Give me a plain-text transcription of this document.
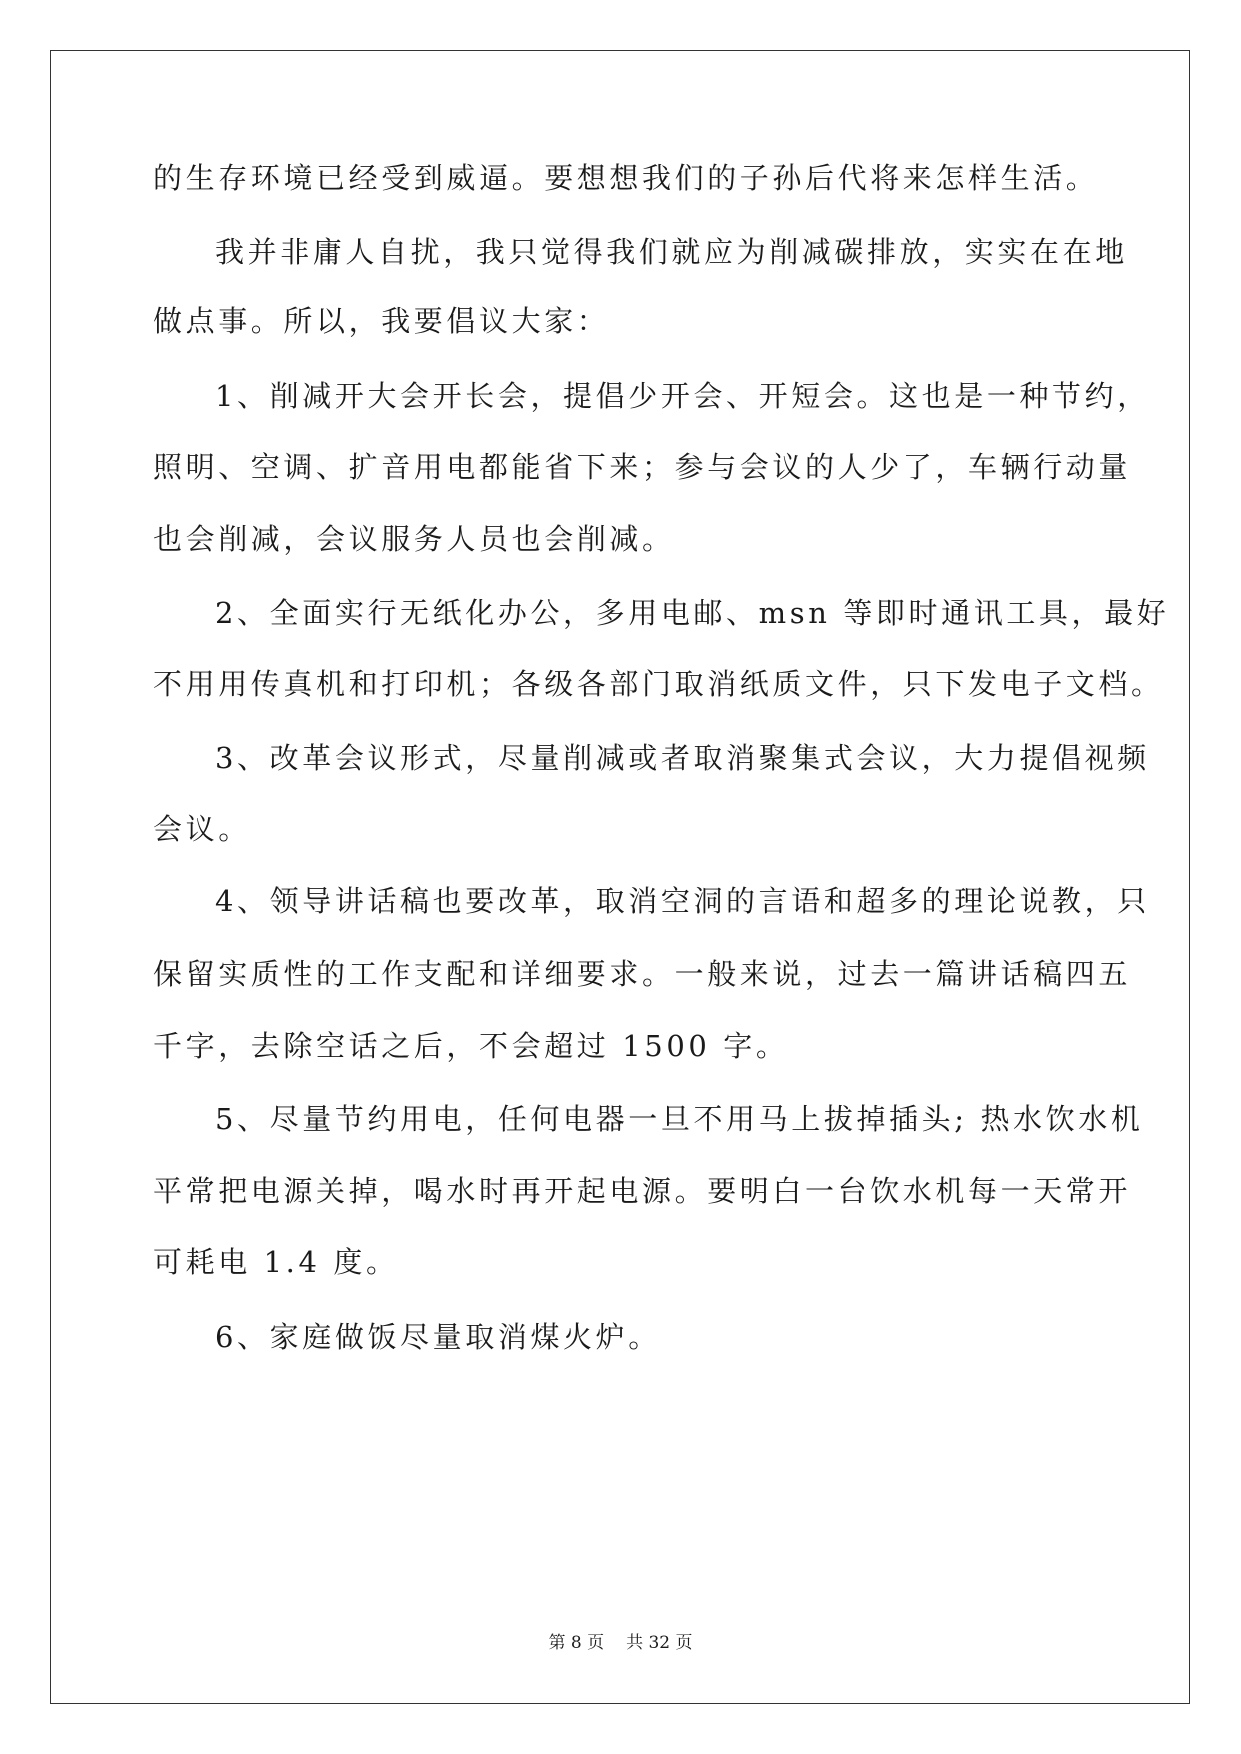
的生存环境已经受到威逼。要想想我们的子孙后代将来怎样生活。
我并非庸人自扰，我只觉得我们就应为削减碳排放，实实在在地
做点事。所以，我要倡议大家：
1、削减开大会开长会，提倡少开会、开短会。这也是一种节约，
照明、空调、扩音用电都能省下来；参与会议的人少了，车辆行动量
也会削减，会议服务人员也会削减。
2、全面实行无纸化办公，多用电邮、msn 等即时通讯工具，最好
不用用传真机和打印机；各级各部门取消纸质文件，只下发电子文档。
3、改革会议形式，尽量削减或者取消聚集式会议，大力提倡视频
会议。
4、领导讲话稿也要改革，取消空洞的言语和超多的理论说教，只
保留实质性的工作支配和详细要求。一般来说，过去一篇讲话稿四五
千字，去除空话之后，不会超过 1500 字。
5、尽量节约用电，任何电器一旦不用马上拔掉插头; 热水饮水机
平常把电源关掉，喝水时再开起电源。要明白一台饮水机每一天常开
可耗电 1.4 度。
6、家庭做饭尽量取消煤火炉。
第 8 页 共 32 页
